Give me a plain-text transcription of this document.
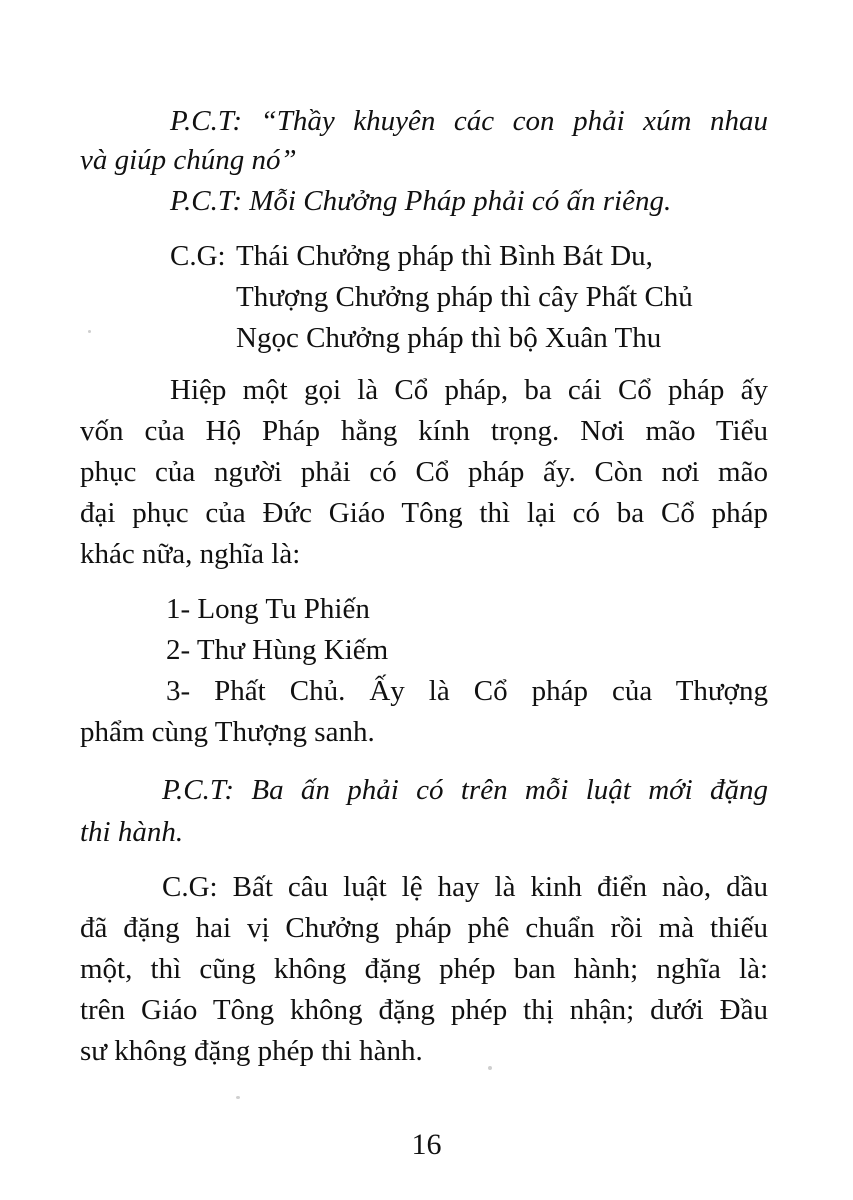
P.C.T: “Thầy khuyên các con phải xúm nhau
và giúp chúng nó”
P.C.T: Mỗi Chưởng Pháp phải có ấn riêng.
C.G: Thái Chưởng pháp thì Bình Bát Du,
Thượng Chưởng pháp thì cây Phất Chủ
Ngọc Chưởng pháp thì bộ Xuân Thu
Hiệp một gọi là Cổ pháp, ba cái Cổ pháp ấy
vốn của Hộ Pháp hằng kính trọng. Nơi mão Tiểu
phục của người phải có Cổ pháp ấy. Còn nơi mão
đại phục của Đức Giáo Tông thì lại có ba Cổ pháp
khác nữa, nghĩa là:
1- Long Tu Phiến
2- Thư Hùng Kiếm
3- Phất Chủ. Ấy là Cổ pháp của Thượng
phẩm cùng Thượng sanh.
P.C.T: Ba ấn phải có trên mỗi luật mới đặng
thi hành.
C.G: Bất câu luật lệ hay là kinh điển nào, dầu
đã đặng hai vị Chưởng pháp phê chuẩn rồi mà thiếu
một, thì cũng không đặng phép ban hành; nghĩa là:
trên Giáo Tông không đặng phép thị nhận; dưới Đầu
sư không đặng phép thi hành.
16
